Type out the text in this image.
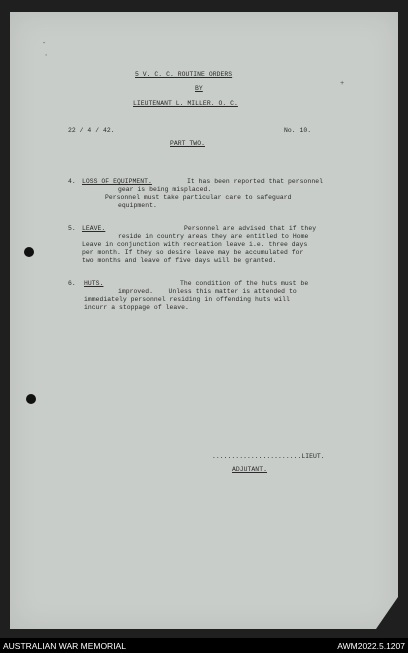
-
·
+
5 V. C. C. ROUTINE ORDERS
BY
LIEUTENANT L. MILLER. O. C.
22 / 4 / 42.
PART TWO.
No. 10.
4. LOSS OF EQUIPMENT.	It has been reported that personnel
gear is being misplaced.
Personnel must take particular care to safeguard
equipment.
5. LEAVE.	Personnel are advised that if they
reside in country areas they are entitled to Home
Leave in conjunction with recreation leave i.e. three days
per month. If they so desire leave may be accumulated for
two months and leave of five days will be granted.
6. HUTS.	The condition of the huts must be
improved.    Unless this matter is attended to
immediately personnel residing in offending huts will
incurr a stoppage of leave.
.......................LIEUT.
ADJUTANT.
AUSTRALIAN WAR MEMORIAL	AWM2022.5.1207
